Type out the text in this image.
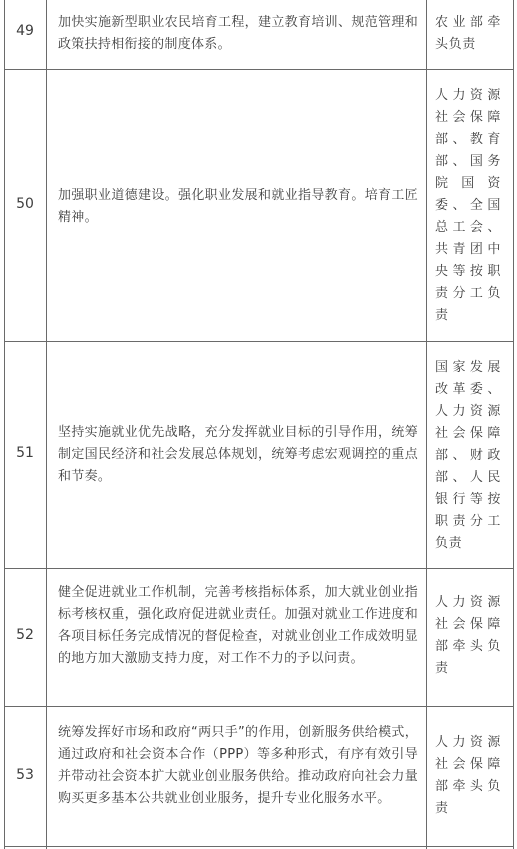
49
加快实施新型职业农民培育工程，建立教育培训、规范管理和政策扶持相衔接的制度体系。
农业部牵头负责
50
加强职业道德建设。强化职业发展和就业指导教育。培育工匠精神。
人力资源社会保障部、教育部、国务院国资委、全国总工会、共青团中央等按职责分工负责
51
坚持实施就业优先战略，充分发挥就业目标的引导作用，统筹制定国民经济和社会发展总体规划，统筹考虑宏观调控的重点和节奏。
国家发展改革委、人力资源社会保障部、财政部、人民银行等按职责分工负责
52
健全促进就业工作机制，完善考核指标体系，加大就业创业指标考核权重，强化政府促进就业责任。加强对就业工作进度和各项目标任务完成情况的督促检查，对就业创业工作成效明显的地方加大激励支持力度，对工作不力的予以问责。
人力资源社会保障部牵头负责
53
统筹发挥好市场和政府“两只手”的作用，创新服务供给模式，通过政府和社会资本合作（PPP）等多种形式，有序有效引导并带动社会资本扩大就业创业服务供给。推动政府向社会力量购买更多基本公共就业创业服务，提升专业化服务水平。
人力资源社会保障部牵头负责
